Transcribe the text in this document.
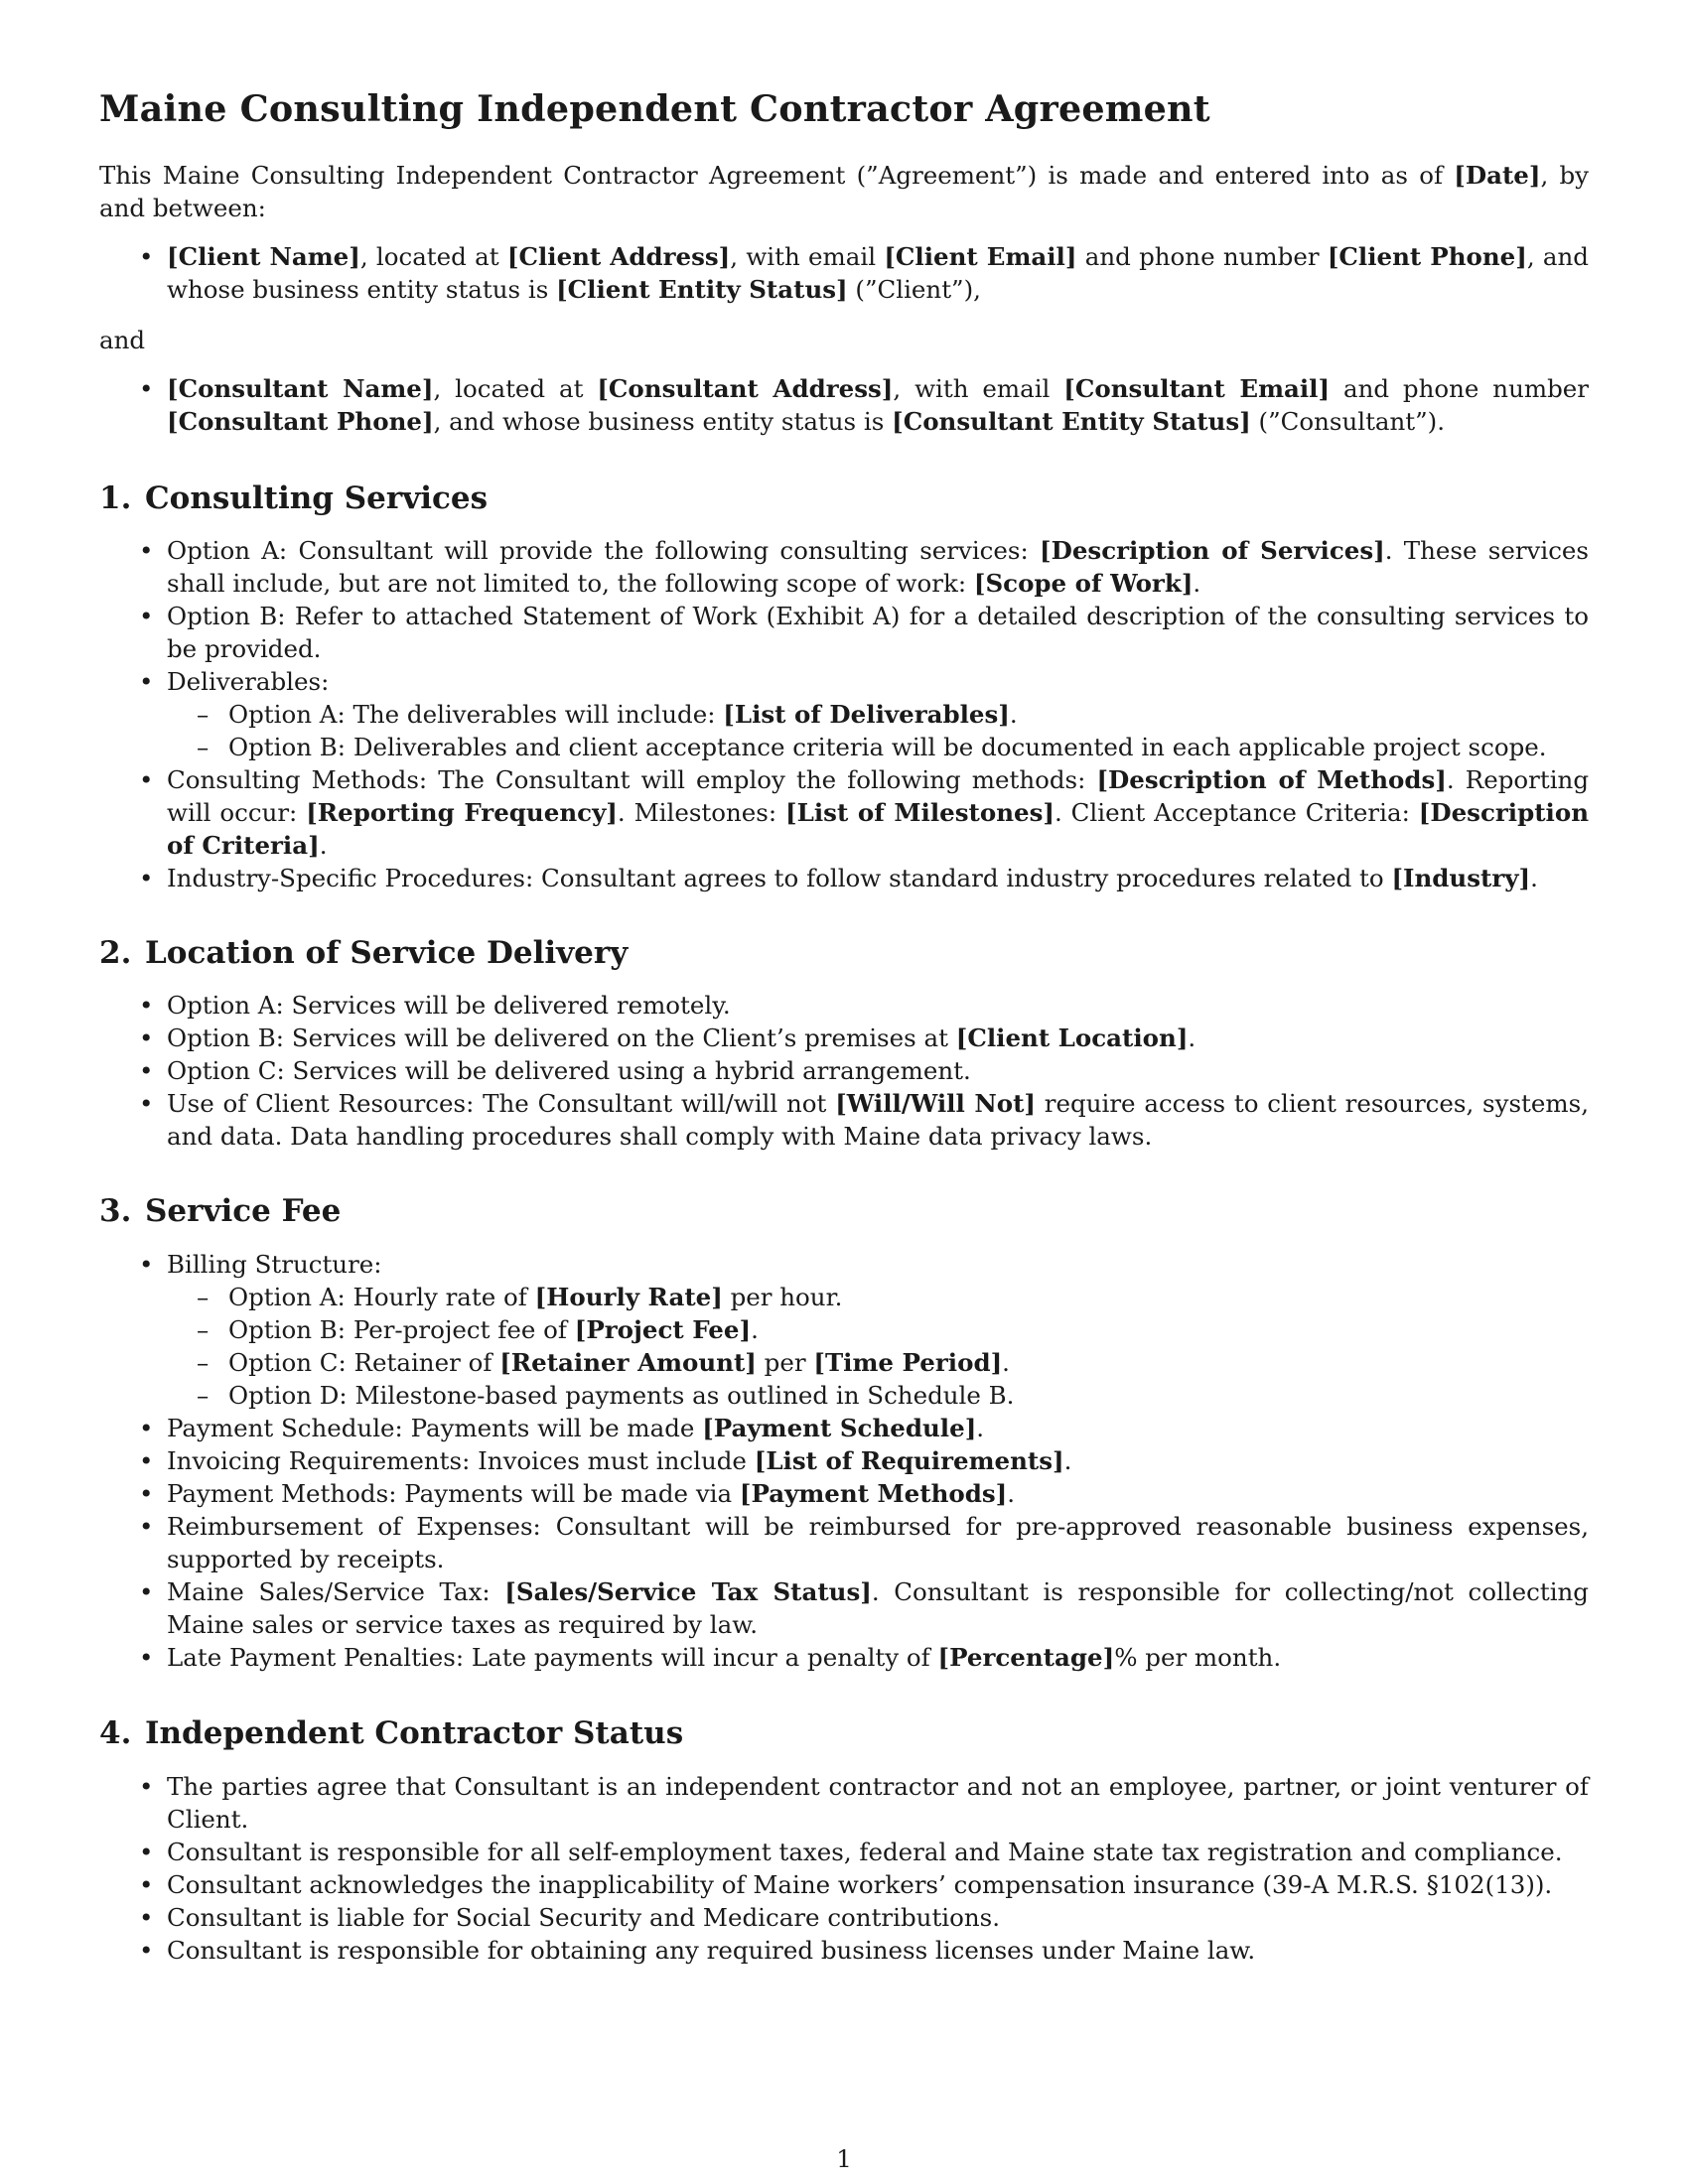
Maine Consulting Independent Contractor Agreement
This Maine Consulting Independent Contractor Agreement (”Agreement”) is made and entered into as of [Date], by and between:
• [Client Name], located at [Client Address], with email [Client Email] and phone number [Client Phone], and whose business entity status is [Client Entity Status] (”Client”),
and
• [Consultant Name], located at [Consultant Address], with email [Consultant Email] and phone number [Consultant Phone], and whose business entity status is [Consultant Entity Status] (”Consultant”).
1. Consulting Services
• Option A: Consultant will provide the following consulting services: [Description of Services]. These services shall include, but are not limited to, the following scope of work: [Scope of Work].
• Option B: Refer to attached Statement of Work (Exhibit A) for a detailed description of the consulting services to be provided.
• Deliverables:
– Option A: The deliverables will include: [List of Deliverables].
– Option B: Deliverables and client acceptance criteria will be documented in each applicable project scope.
• Consulting Methods: The Consultant will employ the following methods: [Description of Methods]. Reporting will occur: [Reporting Frequency]. Milestones: [List of Milestones]. Client Acceptance Criteria: [Description of Criteria].
• Industry-Specific Procedures: Consultant agrees to follow standard industry procedures related to [Industry].
2. Location of Service Delivery
• Option A: Services will be delivered remotely.
• Option B: Services will be delivered on the Client’s premises at [Client Location].
• Option C: Services will be delivered using a hybrid arrangement.
• Use of Client Resources: The Consultant will/will not [Will/Will Not] require access to client resources, systems, and data. Data handling procedures shall comply with Maine data privacy laws.
3. Service Fee
• Billing Structure:
– Option A: Hourly rate of [Hourly Rate] per hour.
– Option B: Per-project fee of [Project Fee].
– Option C: Retainer of [Retainer Amount] per [Time Period].
– Option D: Milestone-based payments as outlined in Schedule B.
• Payment Schedule: Payments will be made [Payment Schedule].
• Invoicing Requirements: Invoices must include [List of Requirements].
• Payment Methods: Payments will be made via [Payment Methods].
• Reimbursement of Expenses: Consultant will be reimbursed for pre-approved reasonable business expenses, supported by receipts.
• Maine Sales/Service Tax: [Sales/Service Tax Status]. Consultant is responsible for collecting/not collecting Maine sales or service taxes as required by law.
• Late Payment Penalties: Late payments will incur a penalty of [Percentage]% per month.
4. Independent Contractor Status
• The parties agree that Consultant is an independent contractor and not an employee, partner, or joint venturer of Client.
• Consultant is responsible for all self-employment taxes, federal and Maine state tax registration and compliance.
• Consultant acknowledges the inapplicability of Maine workers’ compensation insurance (39-A M.R.S. §102(13)).
• Consultant is liable for Social Security and Medicare contributions.
• Consultant is responsible for obtaining any required business licenses under Maine law.
1
